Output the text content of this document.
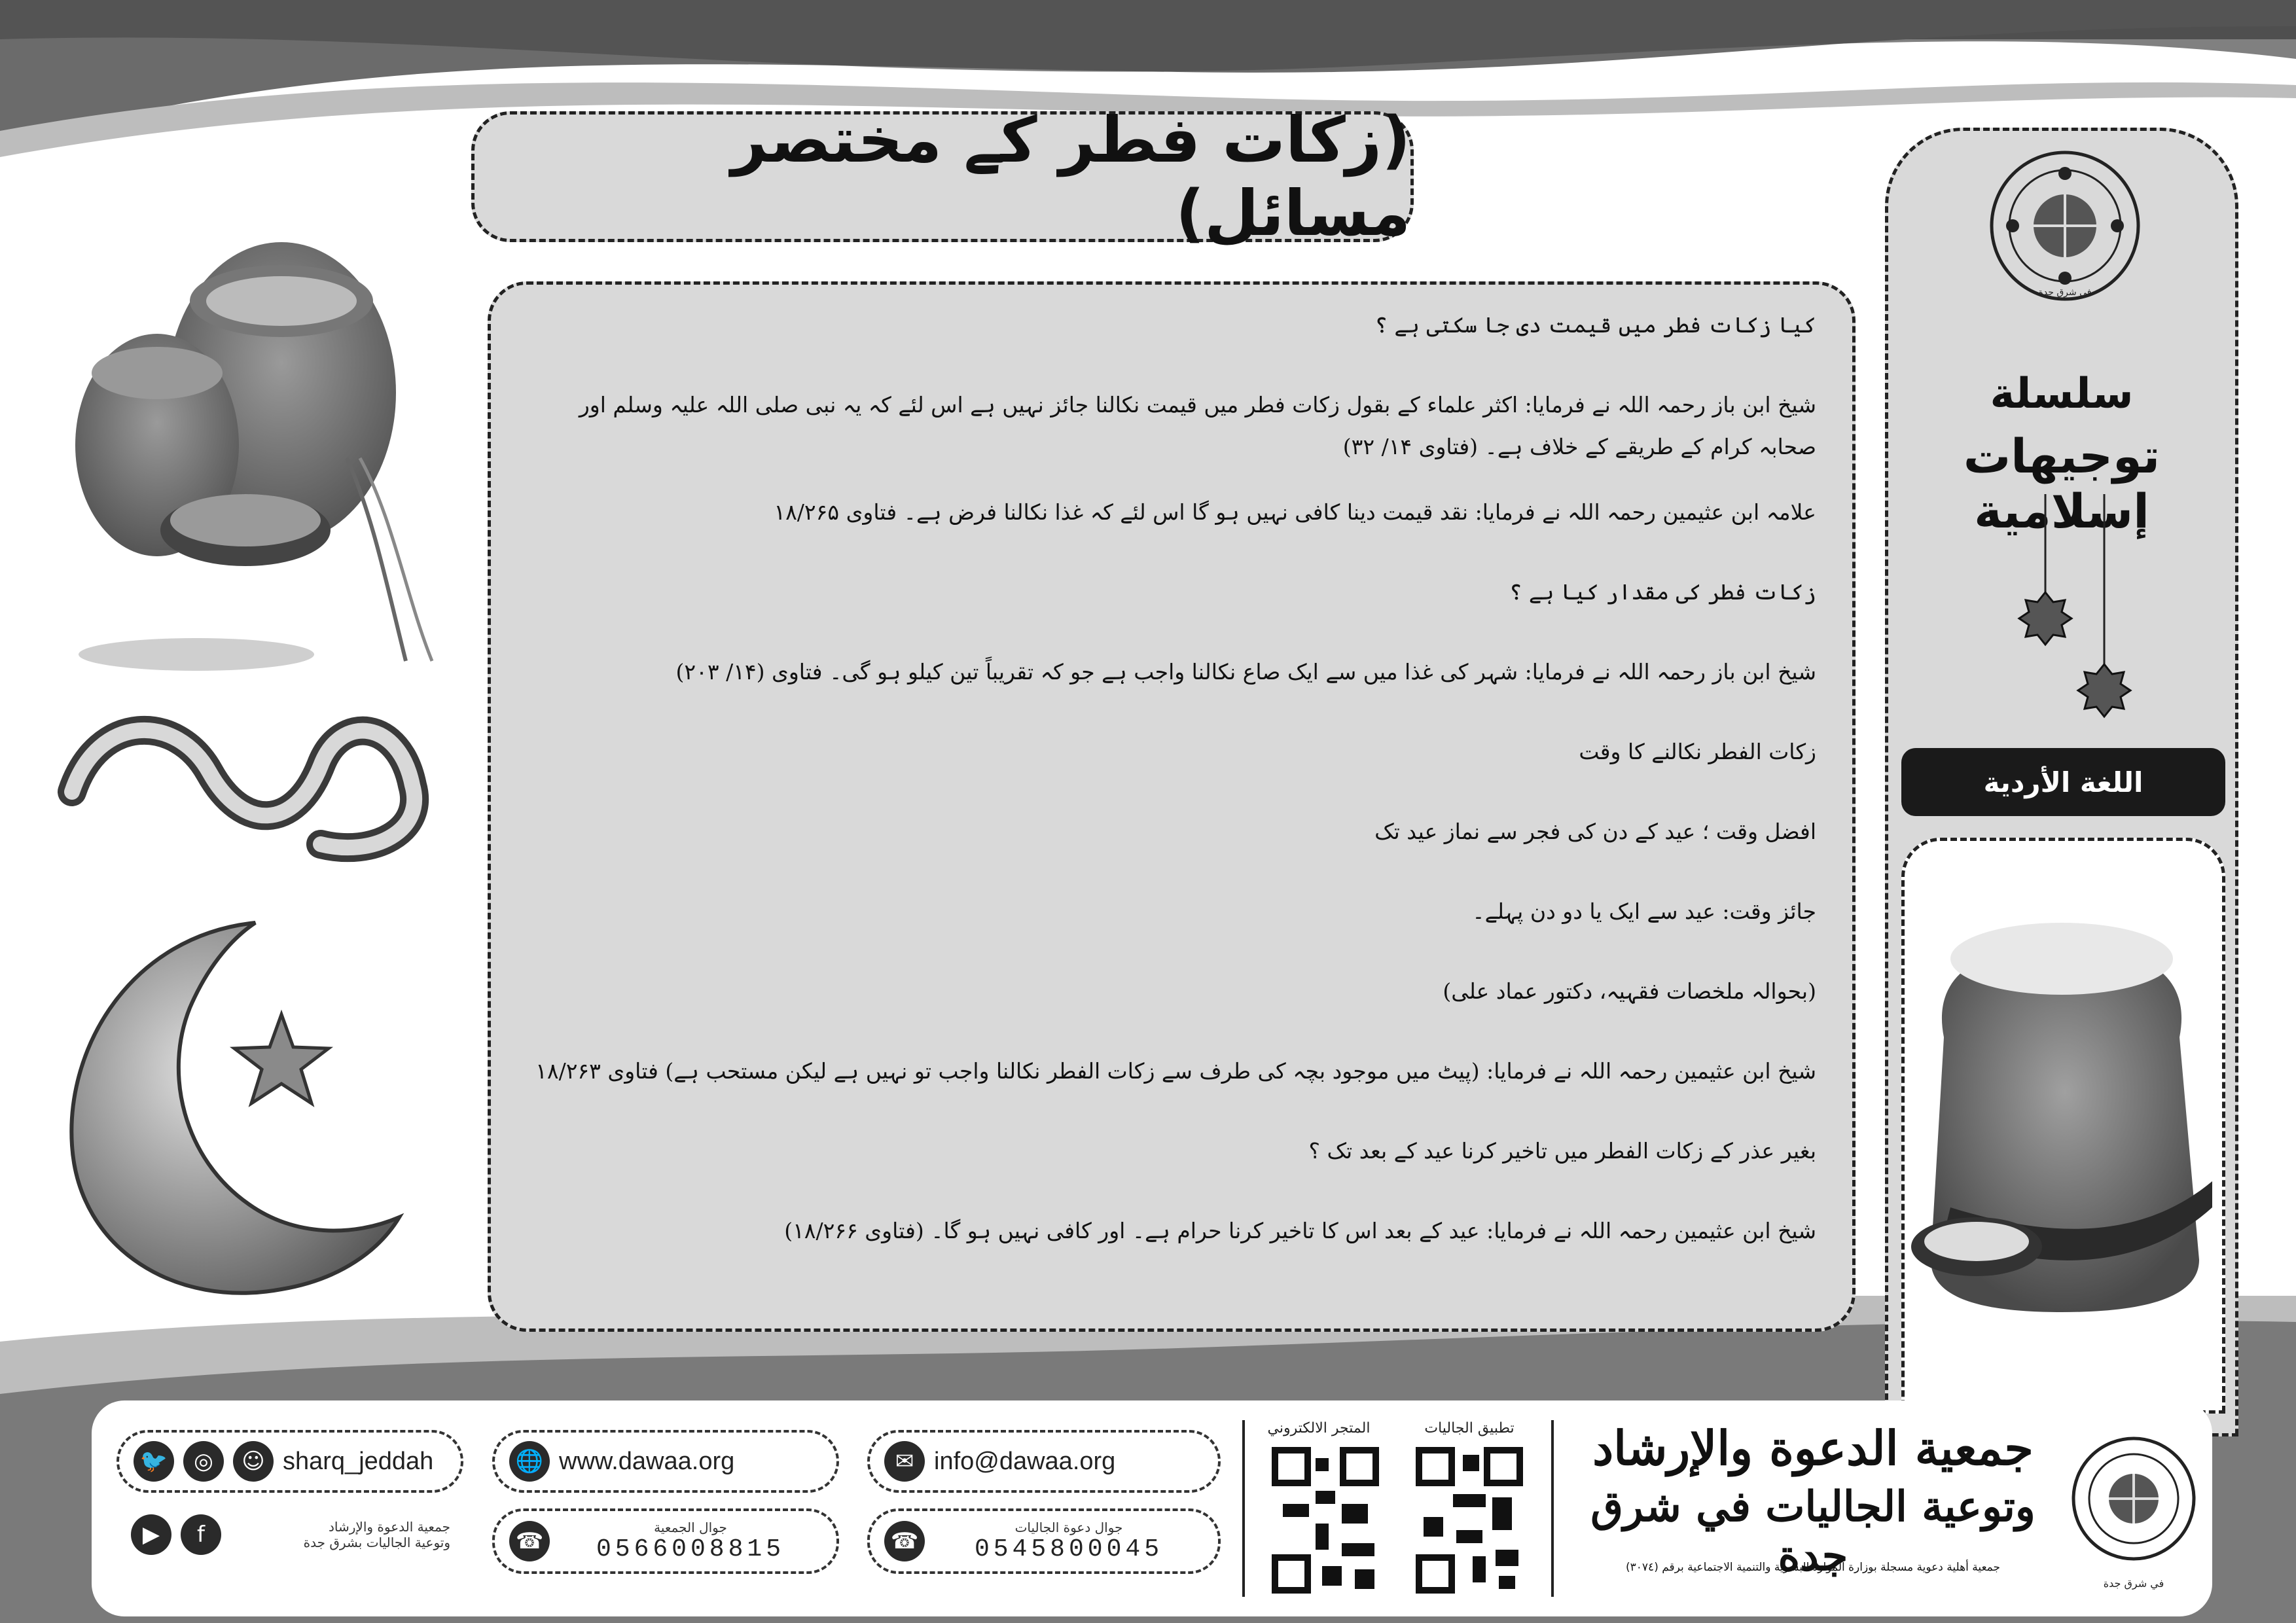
رمضان
(زکات فطر کے مختصر مسائل)

کیا زکات فطر میں قیمت دی جا سکتی ہے ؟

شیخ ابن باز رحمہ اللہ نے فرمایا: اکثر علماء کے بقول زکات فطر میں قیمت نکالنا جائز نہیں ہے اس لئے کہ یہ نبی صلی اللہ علیہ وسلم اور صحابہ کرام کے طریقے کے خلاف ہے۔ (فتاوی ۱۴/ ۳۲)

علامہ ابن عثیمین رحمہ اللہ نے فرمایا: نقد قیمت دینا کافی نہیں ہو گا اس لئے کہ غذا نکالنا فرض ہے۔ فتاوی ۱۸/۲۶۵

زکات فطر کی مقدار کیا ہے ؟

شیخ ابن باز رحمہ اللہ نے فرمایا: شہر کی غذا میں سے ایک صاع نکالنا واجب ہے جو کہ تقریباً تین کیلو ہو گی۔ فتاوی (۱۴/ ۲۰۳)

زکات الفطر نکالنے کا وقت

افضل وقت ؛ عید کے دن کی فجر سے نماز عید تک

جائز وقت: عید سے ایک یا دو دن پہلے۔

(بحوالہ ملخصات فقہیہ، دکتور عماد علی)

شیخ ابن عثیمین رحمہ اللہ نے فرمایا: (پیٹ میں موجود بچہ کی طرف سے زکات الفطر نکالنا واجب تو نہیں ہے لیکن مستحب ہے) فتاوی ۱۸/۲۶۳

بغیر عذر کے زکات الفطر میں تاخیر کرنا عید کے بعد تک ؟

شیخ ابن عثیمین رحمہ اللہ نے فرمایا: عید کے بعد اس کا تاخیر کرنا حرام ہے۔ اور کافی نہیں ہو گا۔ (فتاوی ۱۸/۲۶۶)

في شرق جدة
سلسلة
توجيهات إسلامية
اللغة الأردية
🐦	◎	☺ sharq_jeddah
▶	f	جمعية الدعوة والإرشاد
وتوعية الجاليات بشرق جدة
🌐 www.dawaa.org
☎
جوال الجمعية
0566008815
✉ info@dawaa.org
☎
جوال دعوة الجاليات
0545800045
المتجر الالكتروني	تطبيق الجاليات	جمعية الدعوة والإرشاد
وتوعية الجاليات في شرق جدة
جمعية أهلية دعوية مسجلة بوزارة الموارد البشرية والتنمية الاجتماعية برقم (٣٠٧٤)
في شرق جدة
